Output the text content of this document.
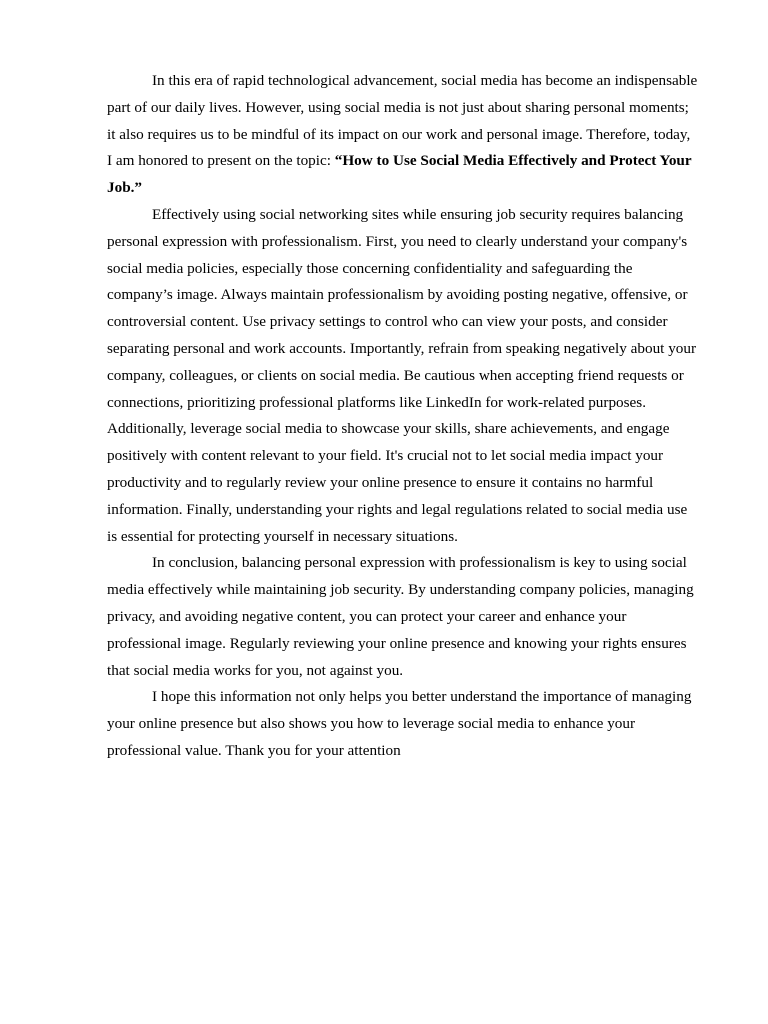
In this era of rapid technological advancement, social media has become an indispensable part of our daily lives. However, using social media is not just about sharing personal moments; it also requires us to be mindful of its impact on our work and personal image. Therefore, today, I am honored to present on the topic: “How to Use Social Media Effectively and Protect Your Job.”

Effectively using social networking sites while ensuring job security requires balancing personal expression with professionalism. First, you need to clearly understand your company's social media policies, especially those concerning confidentiality and safeguarding the company’s image. Always maintain professionalism by avoiding posting negative, offensive, or controversial content. Use privacy settings to control who can view your posts, and consider separating personal and work accounts. Importantly, refrain from speaking negatively about your company, colleagues, or clients on social media. Be cautious when accepting friend requests or connections, prioritizing professional platforms like LinkedIn for work-related purposes. Additionally, leverage social media to showcase your skills, share achievements, and engage positively with content relevant to your field. It's crucial not to let social media impact your productivity and to regularly review your online presence to ensure it contains no harmful information. Finally, understanding your rights and legal regulations related to social media use is essential for protecting yourself in necessary situations.

In conclusion, balancing personal expression with professionalism is key to using social media effectively while maintaining job security. By understanding company policies, managing privacy, and avoiding negative content, you can protect your career and enhance your professional image. Regularly reviewing your online presence and knowing your rights ensures that social media works for you, not against you.

I hope this information not only helps you better understand the importance of managing your online presence but also shows you how to leverage social media to enhance your professional value. Thank you for your attention
